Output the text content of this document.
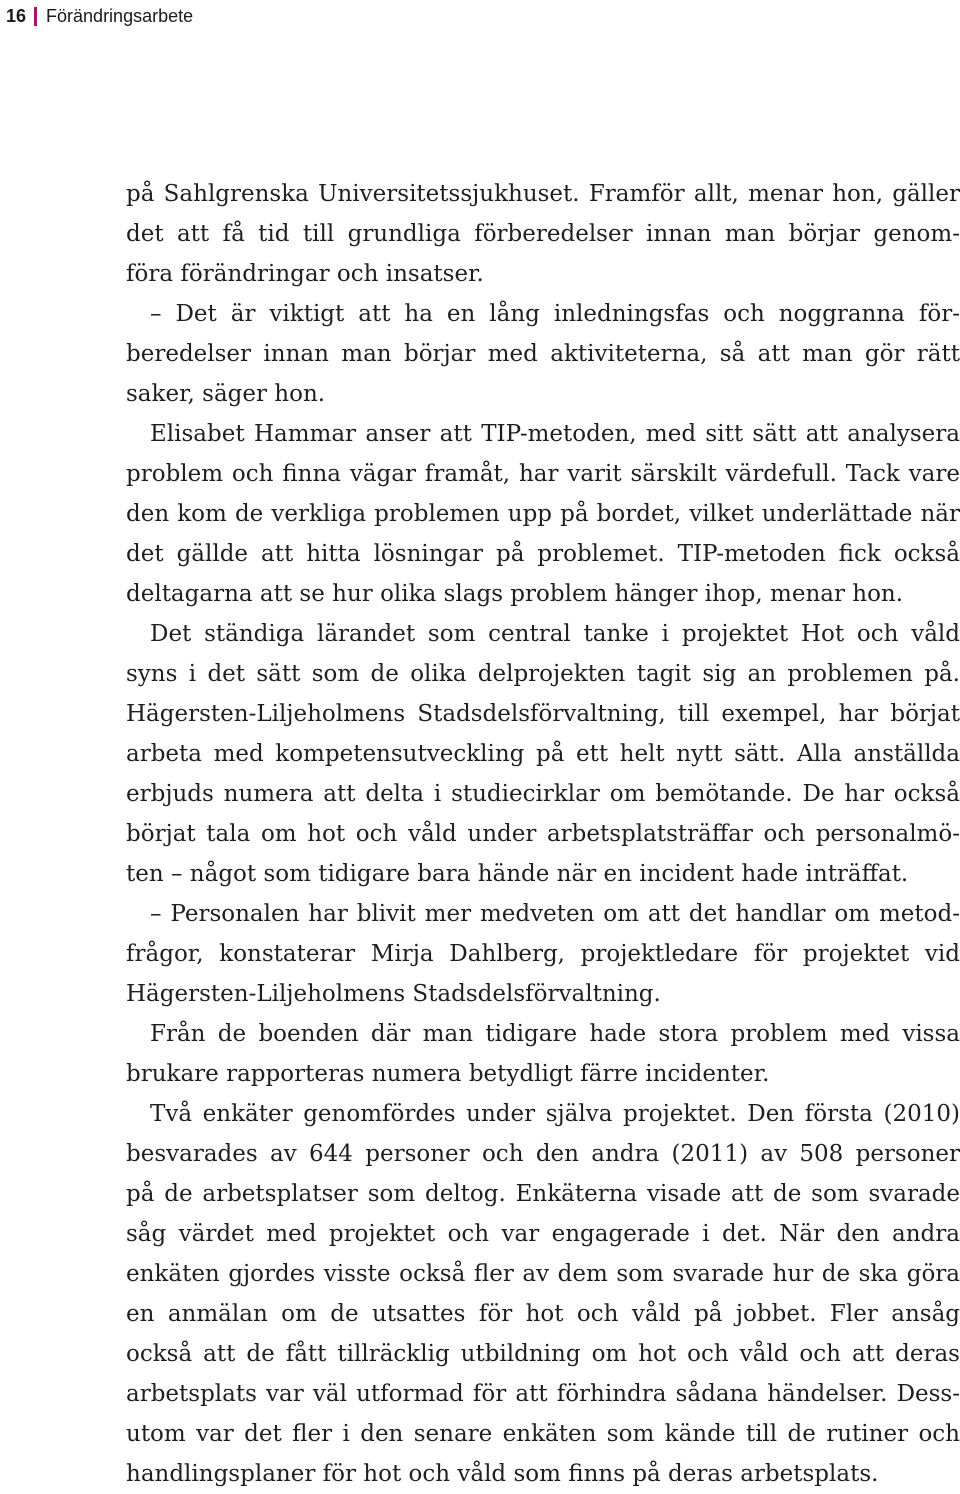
16 Förändringsarbete
på Sahlgrenska Universitetssjukhuset. Framför allt, menar hon, gäller
det att få tid till grundliga förberedelser innan man börjar genom-
föra förändringar och insatser.
– Det är viktigt att ha en lång inledningsfas och noggranna för-
beredelser innan man börjar med aktiviteterna, så att man gör rätt
saker, säger hon.
Elisabet Hammar anser att TIP-metoden, med sitt sätt att analysera
problem och finna vägar framåt, har varit särskilt värdefull. Tack vare
den kom de verkliga problemen upp på bordet, vilket underlättade när
det gällde att hitta lösningar på problemet. TIP-metoden fick också
deltagarna att se hur olika slags problem hänger ihop, menar hon.
Det ständiga lärandet som central tanke i projektet Hot och våld
syns i det sätt som de olika delprojekten tagit sig an problemen på.
Hägersten-Liljeholmens Stadsdelsförvaltning, till exempel, har börjat
arbeta med kompetensutveckling på ett helt nytt sätt. Alla anställda
erbjuds numera att delta i studiecirklar om bemötande. De har också
börjat tala om hot och våld under arbetsplatsträffar och personalmö-
ten – något som tidigare bara hände när en incident hade inträffat.
– Personalen har blivit mer medveten om att det handlar om metod-
frågor, konstaterar Mirja Dahlberg, projektledare för projektet vid
Hägersten-Liljeholmens Stadsdelsförvaltning.
Från de boenden där man tidigare hade stora problem med vissa
brukare rapporteras numera betydligt färre incidenter.
Två enkäter genomfördes under själva projektet. Den första (2010)
besvarades av 644 personer och den andra (2011) av 508 personer
på de arbetsplatser som deltog. Enkäterna visade att de som svarade
såg värdet med projektet och var engagerade i det. När den andra
enkäten gjordes visste också fler av dem som svarade hur de ska göra
en anmälan om de utsattes för hot och våld på jobbet. Fler ansåg
också att de fått tillräcklig utbildning om hot och våld och att deras
arbetsplats var väl utformad för att förhindra sådana händelser. Dess-
utom var det fler i den senare enkäten som kände till de rutiner och
handlingsplaner för hot och våld som finns på deras arbetsplats.
